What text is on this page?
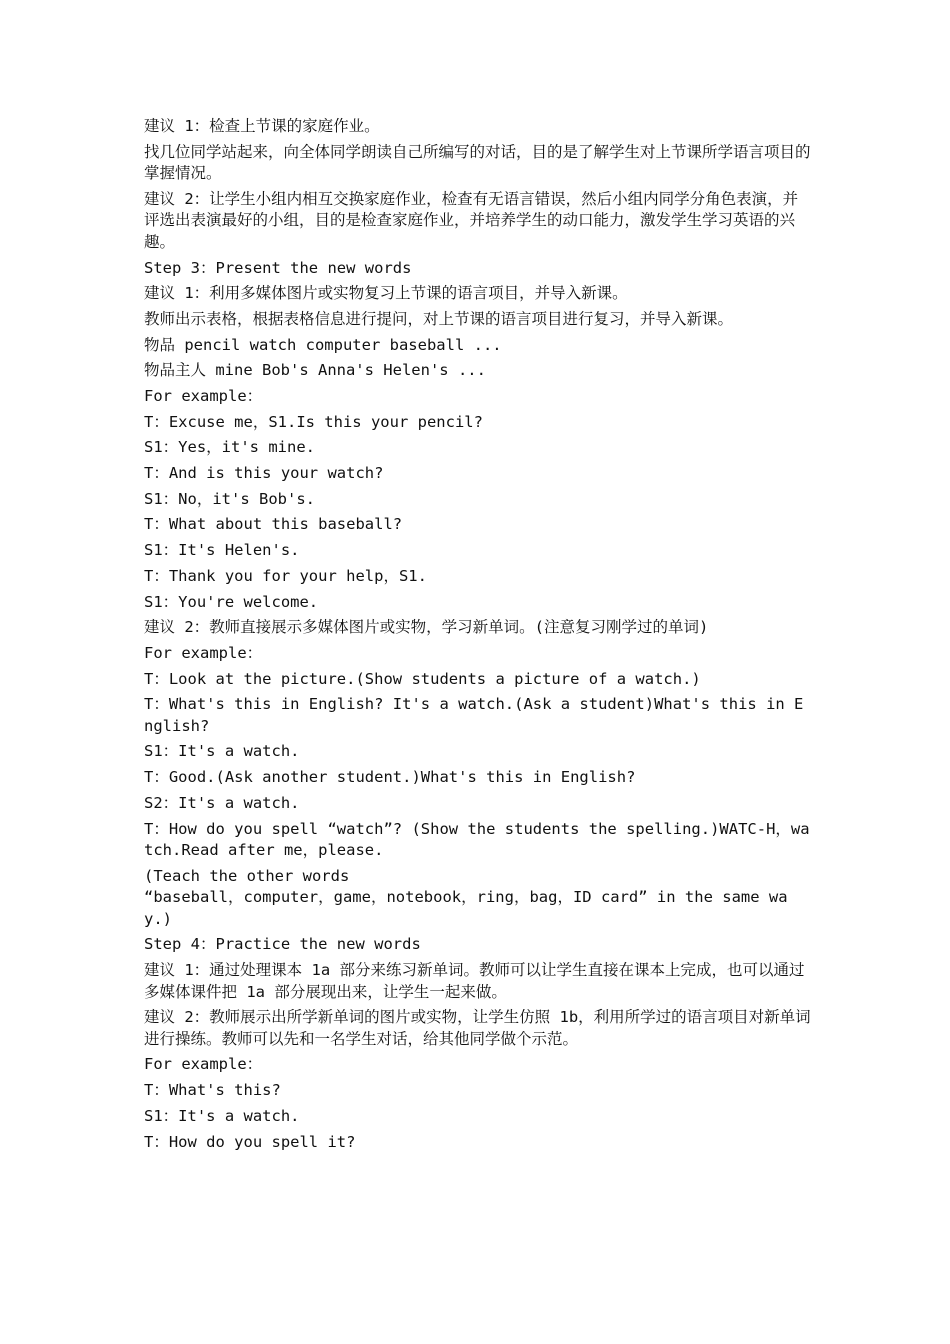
建议 1：检查上节课的家庭作业。

找几位同学站起来，向全体同学朗读自己所编写的对话，目的是了解学生对上节课所学语言项目的掌握情况。

建议 2：让学生小组内相互交换家庭作业，检查有无语言错误，然后小组内同学分角色表演，并评选出表演最好的小组，目的是检查家庭作业，并培养学生的动口能力，激发学生学习英语的兴趣。

Step 3：Present the new words

建议 1：利用多媒体图片或实物复习上节课的语言项目，并导入新课。

教师出示表格，根据表格信息进行提问，对上节课的语言项目进行复习，并导入新课。

物品 pencil watch computer baseball ...

物品主人 mine Bob's Anna's Helen's ...

For example：

T：Excuse me，S1.Is this your pencil?

S1：Yes，it's mine.

T：And is this your watch?

S1：No，it's Bob's.

T：What about this baseball?

S1：It's Helen's.

T：Thank you for your help，S1.

S1：You're welcome.

建议 2：教师直接展示多媒体图片或实物，学习新单词。(注意复习刚学过的单词)

For example：

T：Look at the picture.(Show students a picture of a watch.)

T：What's this in English? It's a watch.(Ask a student)What's this in English?

S1：It's a watch.

T：Good.(Ask another student.)What's this in English?

S2：It's a watch.

T：How do you spell “watch”? (Show the students the spelling.)WATC-H，watch.Read after me，please.

(Teach the other words

“baseball，computer，game，notebook，ring，bag，ID card” in the same way.)

Step 4：Practice the new words

建议 1：通过处理课本 1a 部分来练习新单词。教师可以让学生直接在课本上完成，也可以通过多媒体课件把 1a 部分展现出来，让学生一起来做。

建议 2：教师展示出所学新单词的图片或实物，让学生仿照 1b，利用所学过的语言项目对新单词进行操练。教师可以先和一名学生对话，给其他同学做个示范。

For example：

T：What's this?

S1：It's a watch.

T：How do you spell it?
